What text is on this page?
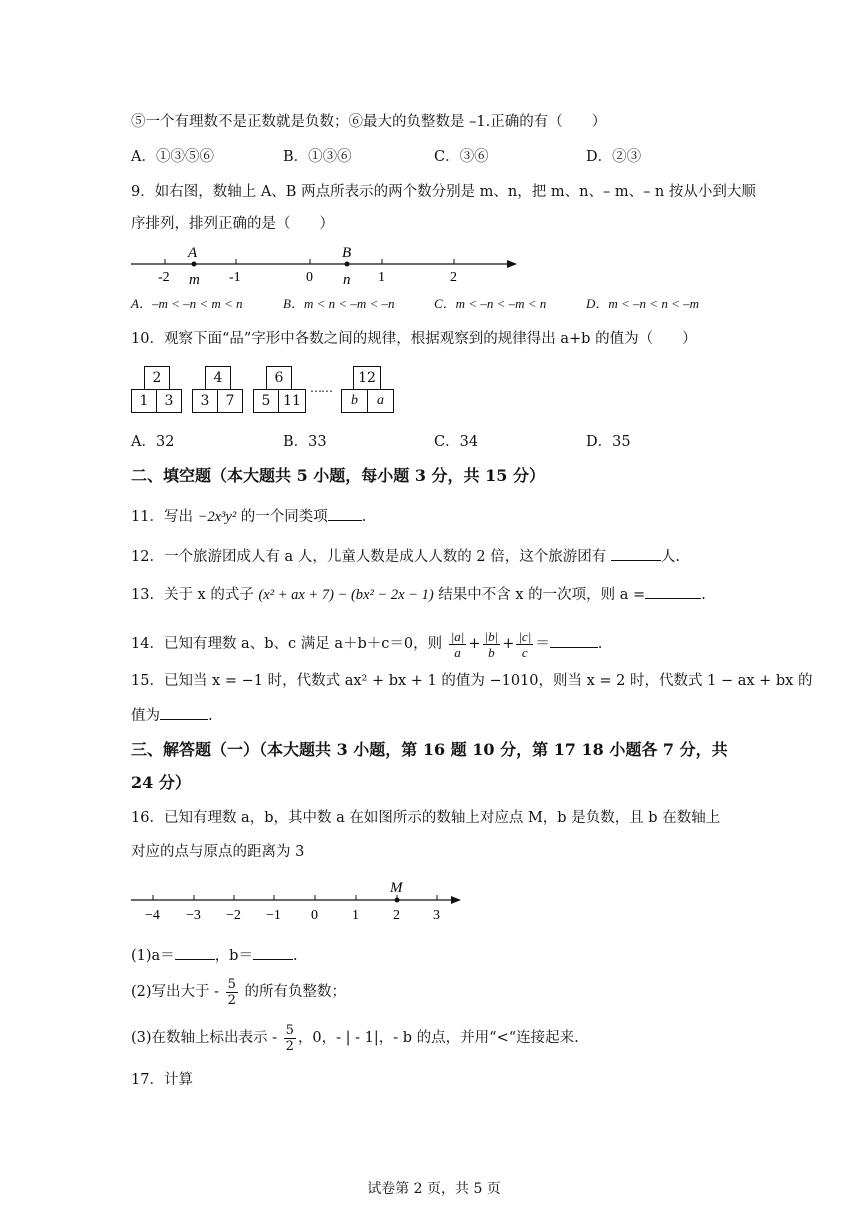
⑤一个有理数不是正数就是负数；⑥最大的负整数是 –1.正确的有（　　）
A．①③⑤⑥	B．①③⑥	C．③⑥	D．②③
9．如右图，数轴上 A、B 两点所表示的两个数分别是 m、n，把 m、n、– m、– n 按从小到大顺
序排列，排列正确的是（　　）
A	B
-2	-1	0	1	2
m	n
A．–m < –n < m < n	B．m < n < –m < –n	C．m < –n < –m < n	D．m < –n < n < –m
10．观察下面“品”字形中各数之间的规律，根据观察到的规律得出 a+b 的值为（　　）
2
1	3
4
3	7
6
5 11
……
12
b	a
A．32	B．33	C．34	D．35
二、填空题（本大题共 5 小题，每小题 3 分，共 15 分）
11．写出 −2x³y² 的一个同类项 .
12．一个旅游团成人有 a 人，儿童人数是成人人数的 2 倍，这个旅游团有	人.
13．关于 x 的式子 (x² + ax + 7) − (bx² − 2x − 1) 结果中不含 x 的一次项，则 a =	.
14．已知有理数 a、b、c 满足 a＋b＋c＝0，则 $\frac{|a|}{a} + \frac{|b|}{b} + \frac{|c|}{c}$ ＝	.
15．已知当 x = −1 时，代数式 ax² + bx + 1 的值为 −1010，则当 x = 2 时，代数式 1 − ax + bx 的
值为	.
三、解答题（一）（本大题共 3 小题，第 16 题 10 分，第 17 18 小题各 7 分，共
24 分）
16．已知有理数 a，b，其中数 a 在如图所示的数轴上对应点 M，b 是负数，且 b 在数轴上
对应的点与原点的距离为 3
M
−4 −3 −2 −1 0 1 2 3
(1)a＝	，b＝	.
(2)写出大于 - $\frac{5}{2}$ 的所有负整数；
(3)在数轴上标出表示 - $\frac{5}{2}$ ，0，- | - 1|，- b 的点，并用“<“连接起来.
17．计算
试卷第 2 页，共 5 页
